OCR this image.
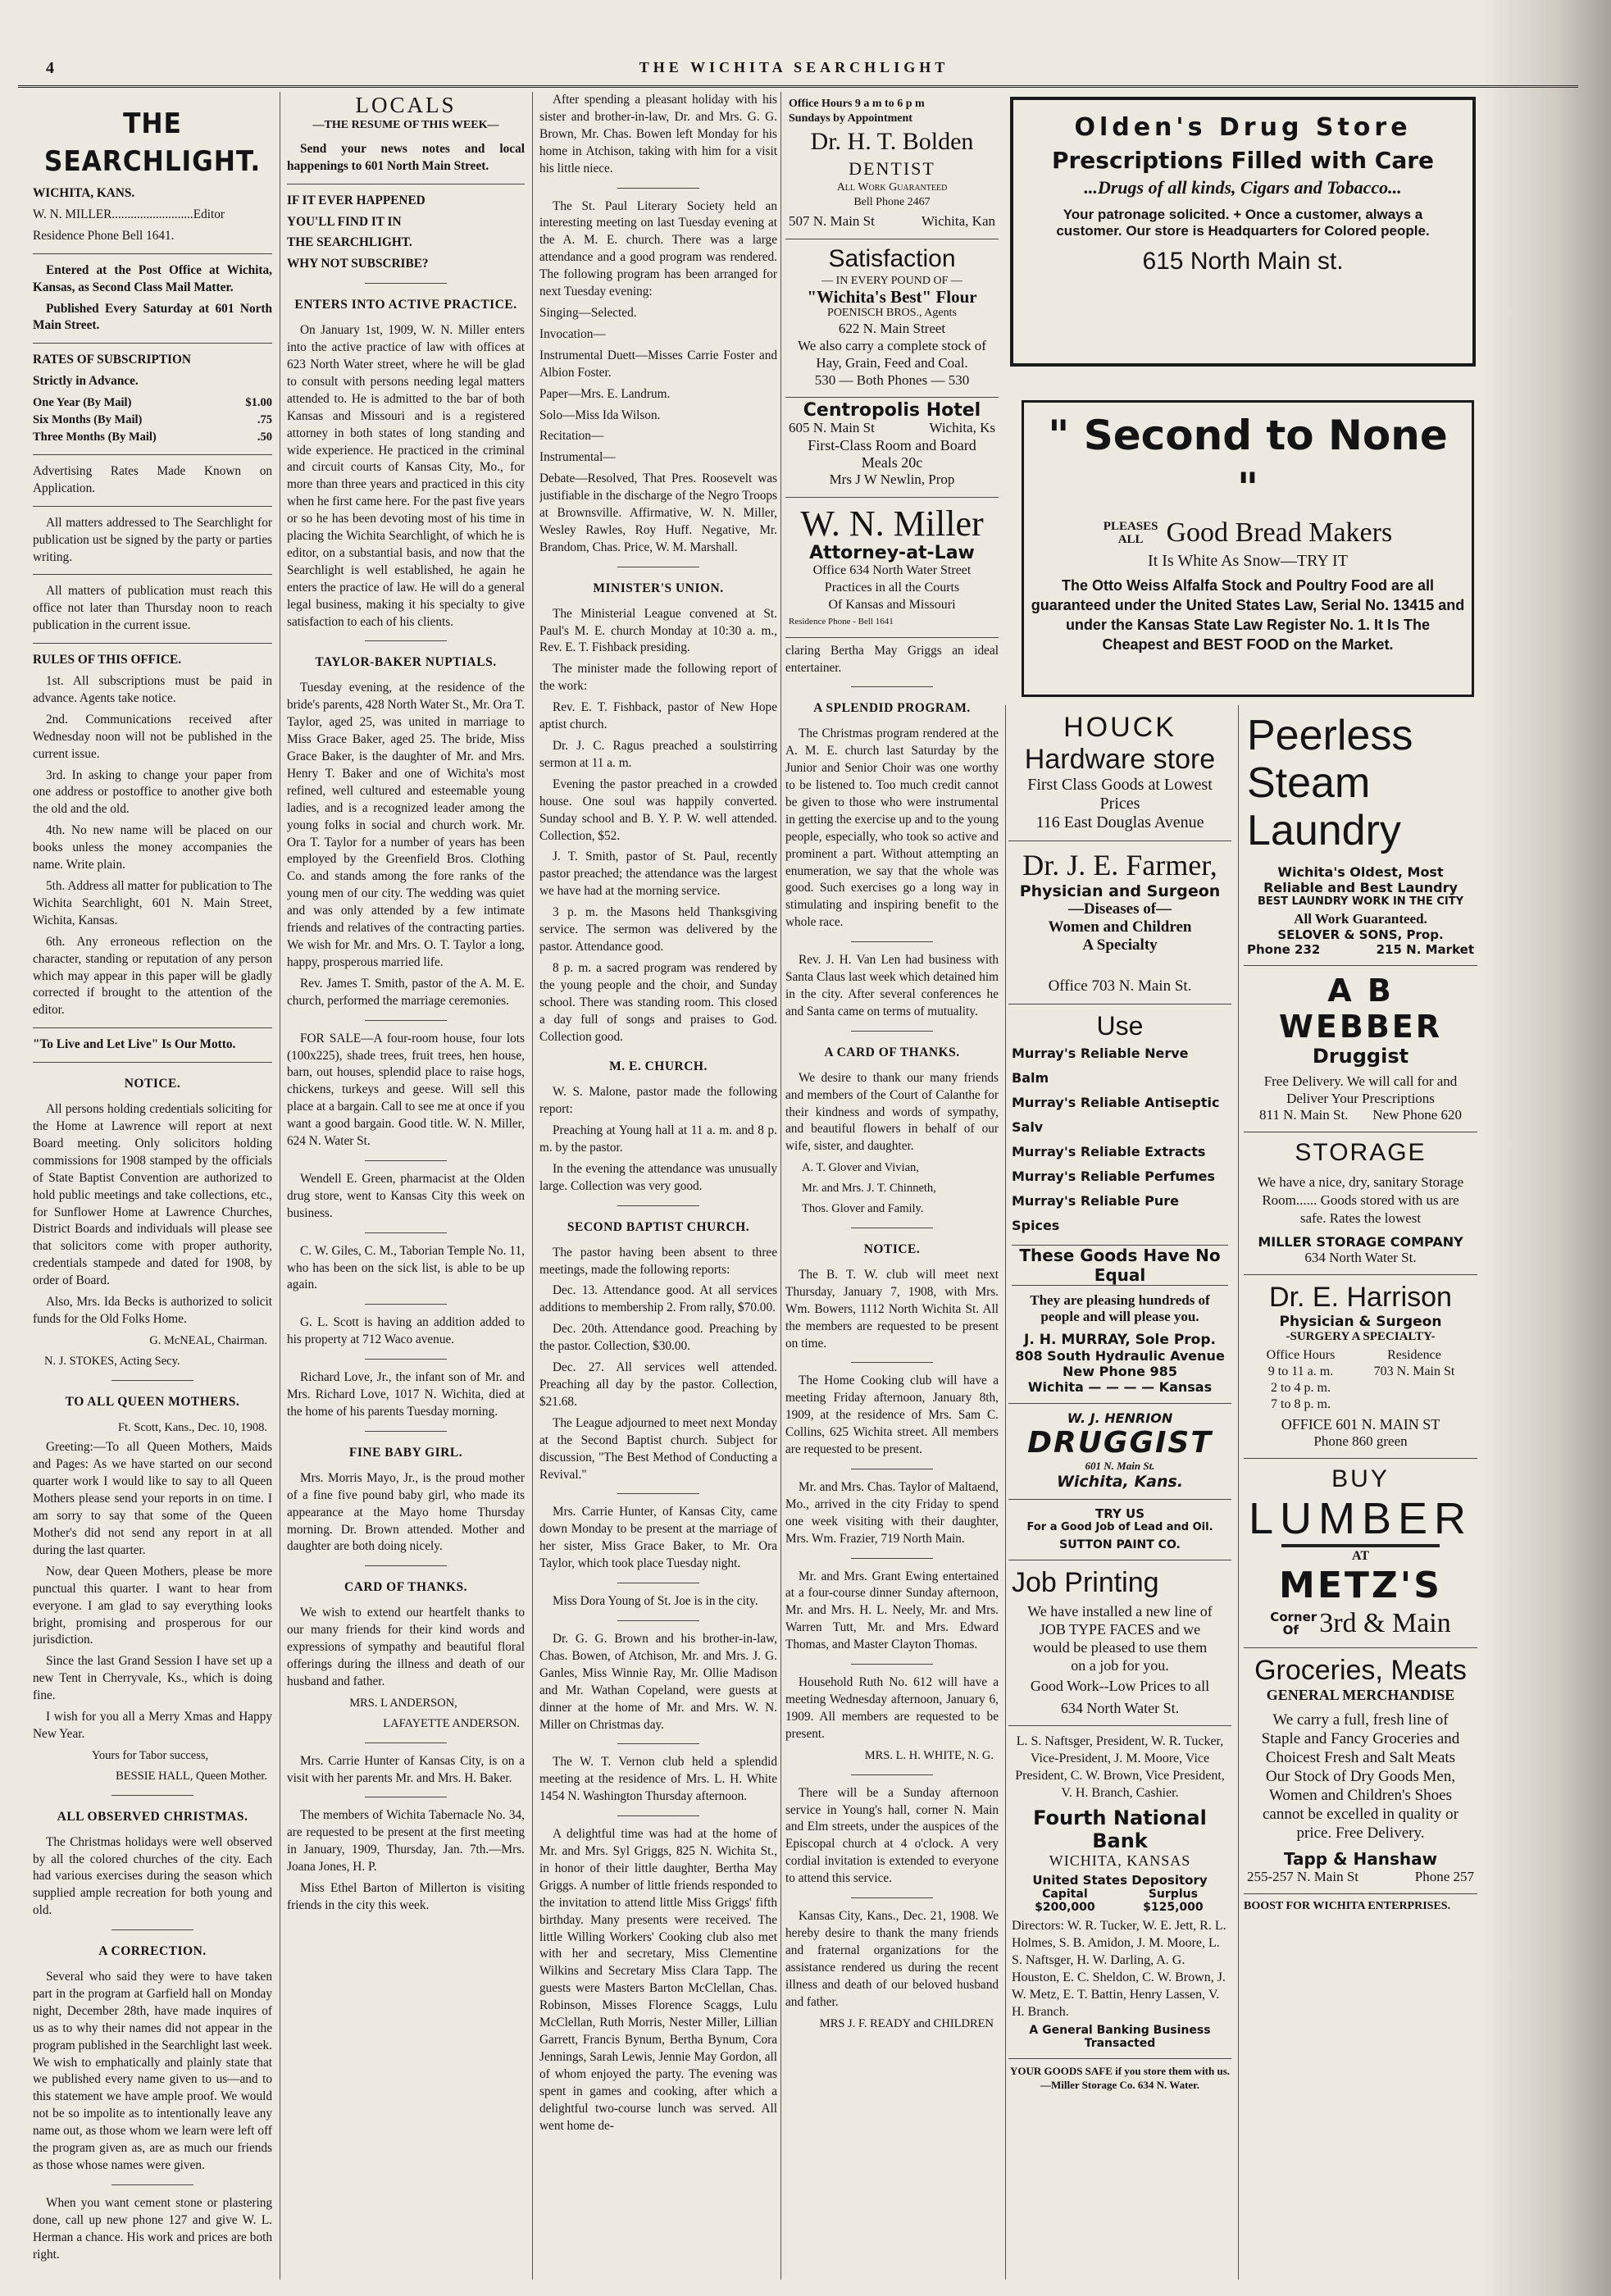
4	THE WICHITA SEARCHLIGHT
THE SEARCHLIGHT.

WICHITA, KANS.

W. N. MILLER..........................Editor

Residence Phone Bell 1641.

Entered at the Post Office at Wichita, Kansas, as Second Class Mail Matter.

Published Every Saturday at 601 North Main Street.

RATES OF SUBSCRIPTION

Strictly in Advance.

One Year (By Mail)	$1.00
Six Months (By Mail)	.75
Three Months (By Mail)	.50

Advertising Rates Made Known on Application.

All matters addressed to The Searchlight for publication ust be signed by the party or parties writing.

All matters of publication must reach this office not later than Thursday noon to reach publication in the current issue.

RULES OF THIS OFFICE.

1st. All subscriptions must be paid in advance. Agents take notice.

2nd. Communications received after Wednesday noon will not be published in the current issue.

3rd. In asking to change your paper from one address or postoffice to another give both the old and the old.

4th. No new name will be placed on our books unless the money accompanies the name. Write plain.

5th. Address all matter for publication to The Wichita Searchlight, 601 N. Main Street, Wichita, Kansas.

6th. Any erroneous reflection on the character, standing or reputation of any person which may appear in this paper will be gladly corrected if brought to the attention of the editor.

"To Live and Let Live" Is Our Motto.

NOTICE.

All persons holding credentials soliciting for the Home at Lawrence will report at next Board meeting. Only solicitors holding commissions for 1908 stamped by the officials of State Baptist Convention are authorized to hold public meetings and take collections, etc., for Sunflower Home at Lawrence Churches, District Boards and individuals will please see that solicitors come with proper authority, credentials stampede and dated for 1908, by order of Board.

Also, Mrs. Ida Becks is authorized to solicit funds for the Old Folks Home.

G. McNEAL, Chairman.
N. J. STOKES, Acting Secy.
TO ALL QUEEN MOTHERS.
Ft. Scott, Kans., Dec. 10, 1908.

Greeting:—To all Queen Mothers, Maids and Pages: As we have started on our second quarter work I would like to say to all Queen Mothers please send your reports in on time. I am sorry to say that some of the Queen Mother's did not send any report in at all during the last quarter.

Now, dear Queen Mothers, please be more punctual this quarter. I want to hear from everyone. I am glad to say everything looks bright, promising and prosperous for our jurisdiction.

Since the last Grand Session I have set up a new Tent in Cherryvale, Ks., which is doing fine.

I wish for you all a Merry Xmas and Happy New Year.

Yours for Tabor success,
BESSIE HALL, Queen Mother.
ALL OBSERVED CHRISTMAS.

The Christmas holidays were well observed by all the colored churches of the city. Each had various exercises during the season which supplied ample recreation for both young and old.

A CORRECTION.

Several who said they were to have taken part in the program at Garfield hall on Monday night, December 28th, have made inquires of us as to why their names did not appear in the program published in the Searchlight last week. We wish to emphatically and plainly state that we published every name given to us—and to this statement we have ample proof. We would not be so impolite as to intentionally leave any name out, as those whom we learn were left off the program given as, are as much our friends as those whose names were given.

When you want cement stone or plastering done, call up new phone 127 and give W. L. Herman a chance. His work and prices are both right.

LOCALS
—THE RESUME OF THIS WEEK—

Send your news notes and local happenings to 601 North Main Street.

IF IT EVER HAPPENED

YOU'LL FIND IT IN

THE SEARCHLIGHT.

WHY NOT SUBSCRIBE?

ENTERS INTO ACTIVE PRACTICE.

On January 1st, 1909, W. N. Miller enters into the active practice of law with offices at 623 North Water street, where he will be glad to consult with persons needing legal matters attended to. He is admitted to the bar of both Kansas and Missouri and is a registered attorney in both states of long standing and wide experience. He practiced in the criminal and circuit courts of Kansas City, Mo., for more than three years and practiced in this city when he first came here. For the past five years or so he has been devoting most of his time in placing the Wichita Searchlight, of which he is editor, on a substantial basis, and now that the Searchlight is well established, he again he enters the practice of law. He will do a general legal business, making it his specialty to give satisfaction to each of his clients.

TAYLOR-BAKER NUPTIALS.

Tuesday evening, at the residence of the bride's parents, 428 North Water St., Mr. Ora T. Taylor, aged 25, was united in marriage to Miss Grace Baker, aged 25. The bride, Miss Grace Baker, is the daughter of Mr. and Mrs. Henry T. Baker and one of Wichita's most refined, well cultured and esteemable young ladies, and is a recognized leader among the young folks in social and church work. Mr. Ora T. Taylor for a number of years has been employed by the Greenfield Bros. Clothing Co. and stands among the fore ranks of the young men of our city. The wedding was quiet and was only attended by a few intimate friends and relatives of the contracting parties. We wish for Mr. and Mrs. O. T. Taylor a long, happy, prosperous married life.

Rev. James T. Smith, pastor of the A. M. E. church, performed the marriage ceremonies.

FOR SALE—A four-room house, four lots (100x225), shade trees, fruit trees, hen house, barn, out houses, splendid place to raise hogs, chickens, turkeys and geese. Will sell this place at a bargain. Call to see me at once if you want a good bargain. Good title. W. N. Miller, 624 N. Water St.

Wendell E. Green, pharmacist at the Olden drug store, went to Kansas City this week on business.

C. W. Giles, C. M., Taborian Temple No. 11, who has been on the sick list, is able to be up again.

G. L. Scott is having an addition added to his property at 712 Waco avenue.

Richard Love, Jr., the infant son of Mr. and Mrs. Richard Love, 1017 N. Wichita, died at the home of his parents Tuesday morning.

FINE BABY GIRL.

Mrs. Morris Mayo, Jr., is the proud mother of a fine five pound baby girl, who made its appearance at the Mayo home Thursday morning. Dr. Brown attended. Mother and daughter are both doing nicely.

CARD OF THANKS.

We wish to extend our heartfelt thanks to our many friends for their kind words and expressions of sympathy and beautiful floral offerings during the illness and death of our husband and father.

MRS. L ANDERSON,
LAFAYETTE ANDERSON.

Mrs. Carrie Hunter of Kansas City, is on a visit with her parents Mr. and Mrs. H. Baker.

The members of Wichita Tabernacle No. 34, are requested to be present at the first meeting in January, 1909, Thursday, Jan. 7th.—Mrs. Joana Jones, H. P.

Miss Ethel Barton of Millerton is visiting friends in the city this week.

After spending a pleasant holiday with his sister and brother-in-law, Dr. and Mrs. G. G. Brown, Mr. Chas. Bowen left Monday for his home in Atchison, taking with him for a visit his little niece.

The St. Paul Literary Society held an interesting meeting on last Tuesday evening at the A. M. E. church. There was a large attendance and a good program was rendered. The following program has been arranged for next Tuesday evening:

Singing—Selected.

Invocation—

Instrumental Duett—Misses Carrie Foster and Albion Foster.

Paper—Mrs. E. Landrum.

Solo—Miss Ida Wilson.

Recitation—

Instrumental—

Debate—Resolved, That Pres. Roosevelt was justifiable in the discharge of the Negro Troops at Brownsville. Affirmative, W. N. Miller, Wesley Rawles, Roy Huff. Negative, Mr. Brandom, Chas. Price, W. M. Marshall.

MINISTER'S UNION.

The Ministerial League convened at St. Paul's M. E. church Monday at 10:30 a. m., Rev. E. T. Fishback presiding.

The minister made the following report of the work:

Rev. E. T. Fishback, pastor of New Hope aptist church.

Dr. J. C. Ragus preached a soulstirring sermon at 11 a. m.

Evening the pastor preached in a crowded house. One soul was happily converted. Sunday school and B. Y. P. W. well attended. Collection, $52.

J. T. Smith, pastor of St. Paul, recently pastor preached; the attendance was the largest we have had at the morning service.

3 p. m. the Masons held Thanksgiving service. The sermon was delivered by the pastor. Attendance good.

8 p. m. a sacred program was rendered by the young people and the choir, and Sunday school. There was standing room. This closed a day full of songs and praises to God. Collection good.

M. E. CHURCH.

W. S. Malone, pastor made the following report:

Preaching at Young hall at 11 a. m. and 8 p. m. by the pastor.

In the evening the attendance was unusually large. Collection was very good.

SECOND BAPTIST CHURCH.

The pastor having been absent to three meetings, made the following reports:

Dec. 13. Attendance good. At all services additions to membership 2. From rally, $70.00.

Dec. 20th. Attendance good. Preaching by the pastor. Collection, $30.00.

Dec. 27. All services well attended. Preaching all day by the pastor. Collection, $21.68.

The League adjourned to meet next Monday at the Second Baptist church. Subject for discussion, "The Best Method of Conducting a Revival."

Mrs. Carrie Hunter, of Kansas City, came down Monday to be present at the marriage of her sister, Miss Grace Baker, to Mr. Ora Taylor, which took place Tuesday night.

Miss Dora Young of St. Joe is in the city.

Dr. G. G. Brown and his brother-in-law, Chas. Bowen, of Atchison, Mr. and Mrs. J. G. Ganles, Miss Winnie Ray, Mr. Ollie Madison and Mr. Wathan Copeland, were guests at dinner at the home of Mr. and Mrs. W. N. Miller on Christmas day.

The W. T. Vernon club held a splendid meeting at the residence of Mrs. L. H. White 1454 N. Washington Thursday afternoon.

A delightful time was had at the home of Mr. and Mrs. Syl Griggs, 825 N. Wichita St., in honor of their little daughter, Bertha May Griggs. A number of little friends responded to the invitation to attend little Miss Griggs' fifth birthday. Many presents were received. The little Willing Workers' Cooking club also met with her and secretary, Miss Clementine Wilkins and Secretary Miss Clara Tapp. The guests were Masters Barton McClellan, Chas. Robinson, Misses Florence Scaggs, Lulu McClellan, Ruth Morris, Nester Miller, Lillian Garrett, Francis Bynum, Bertha Bynum, Cora Jennings, Sarah Lewis, Jennie May Gordon, all of whom enjoyed the party. The evening was spent in games and cooking, after which a delightful two-course lunch was served. All went home de-

Office Hours 9 a m to 6 p m
Sundays by Appointment
Dr. H. T. Bolden
DENTIST
All Work Guaranteed
Bell Phone 2467
507 N. Main St	Wichita, Kan
Satisfaction
— IN EVERY POUND OF —
"Wichita's Best" Flour
POENISCH BROS., Agents
622 N. Main Street
We also carry a complete stock of Hay, Grain, Feed and Coal.
530 — Both Phones — 530
Centropolis Hotel
605 N. Main St	Wichita, Ks
First-Class Room and Board
Meals 20c
Mrs J W Newlin, Prop
W. N. Miller
Attorney-at-Law
Office 634 North Water Street
Practices in all the Courts
Of Kansas and Missouri
Residence Phone - Bell 1641

claring Bertha May Griggs an ideal entertainer.

A SPLENDID PROGRAM.

The Christmas program rendered at the A. M. E. church last Saturday by the Junior and Senior Choir was one worthy to be listened to. Too much credit cannot be given to those who were instrumental in getting the exercise up and to the young people, especially, who took so active and prominent a part. Without attempting an enumeration, we say that the whole was good. Such exercises go a long way in stimulating and inspiring benefit to the whole race.

Rev. J. H. Van Len had business with Santa Claus last week which detained him in the city. After several conferences he and Santa came on terms of mutuality.

A CARD OF THANKS.

We desire to thank our many friends and members of the Court of Calanthe for their kindness and words of sympathy, and beautiful flowers in behalf of our wife, sister, and daughter.

A. T. Glover and Vivian,
Mr. and Mrs. J. T. Chinneth,
Thos. Glover and Family.
NOTICE.

The B. T. W. club will meet next Thursday, January 7, 1908, with Mrs. Wm. Bowers, 1112 North Wichita St. All the members are requested to be present on time.

The Home Cooking club will have a meeting Friday afternoon, January 8th, 1909, at the residence of Mrs. Sam C. Collins, 625 Wichita street. All members are requested to be present.

Mr. and Mrs. Chas. Taylor of Maltaend, Mo., arrived in the city Friday to spend one week visiting with their daughter, Mrs. Wm. Frazier, 719 North Main.

Mr. and Mrs. Grant Ewing entertained at a four-course dinner Sunday afternoon, Mr. and Mrs. H. L. Neely, Mr. and Mrs. Warren Tutt, Mr. and Mrs. Edward Thomas, and Master Clayton Thomas.

Household Ruth No. 612 will have a meeting Wednesday afternoon, January 6, 1909. All members are requested to be present.

MRS. L. H. WHITE, N. G.

There will be a Sunday afternoon service in Young's hall, corner N. Main and Elm streets, under the auspices of the Episcopal church at 4 o'clock. A very cordial invitation is extended to everyone to attend this service.

Kansas City, Kans., Dec. 21, 1908. We hereby desire to thank the many friends and fraternal organizations for the assistance rendered us during the recent illness and death of our beloved husband and father.

MRS J. F. READY and CHILDREN
Olden's Drug Store
Prescriptions Filled with Care
...Drugs of all kinds, Cigars and Tobacco...
Your patronage solicited. + Once a customer, always a customer. Our store is Headquarters for Colored people.
615 North Main st.
" Second to None "
PLEASES
ALL Good Bread Makers
It Is White As Snow—TRY IT
The Otto Weiss Alfalfa Stock and Poultry Food are all guaranteed under the United States Law, Serial No. 13415 and under the Kansas State Law Register No. 1. It Is The Cheapest and BEST FOOD on the Market.
HOUCK
Hardware store
First Class Goods at Lowest Prices
116 East Douglas Avenue
Dr. J. E. Farmer,
Physician and Surgeon
—Diseases of—
Women and Children
A Specialty
Office 703 N. Main St.
Use
Murray's Reliable Nerve Balm
Murray's Reliable Antiseptic Salv
Murray's Reliable Extracts
Murray's Reliable Perfumes
Murray's Reliable Pure Spices
These Goods Have No Equal
They are pleasing hundreds of people and will please you.
J. H. MURRAY, Sole Prop.
808 South Hydraulic Avenue
New Phone 985
Wichita — — — — Kansas
W. J. HENRION
DRUGGIST
601 N. Main St.
Wichita, Kans.
TRY US
For a Good Job of Lead and Oil.
SUTTON PAINT CO.
Job Printing
We have installed a new line of JOB TYPE FACES and we would be pleased to use them on a job for you.
Good Work--Low Prices to all
634 North Water St.
L. S. Naftsger, President, W. R. Tucker, Vice-President, J. M. Moore, Vice President, C. W. Brown, Vice President, V. H. Branch, Cashier.
Fourth National Bank
WICHITA, KANSAS
United States Depository
Capital $200,000
Surplus $125,000
Directors: W. R. Tucker, W. E. Jett, R. L. Holmes, S. B. Amidon, J. M. Moore, L. S. Naftsger, H. W. Darling, A. G. Houston, E. C. Sheldon, C. W. Brown, J. W. Metz, E. T. Battin, Henry Lassen, V. H. Branch.
A General Banking Business Transacted
YOUR GOODS SAFE if you store them with us.—Miller Storage Co. 634 N. Water.
Peerless
Steam
Laundry
Wichita's Oldest, Most Reliable and Best Laundry
BEST LAUNDRY WORK IN THE CITY
All Work Guaranteed.
SELOVER & SONS, Prop.
Phone 232	215 N. Market
A B WEBBER
Druggist
Free Delivery. We will call for and Deliver Your Prescriptions
811 N. Main St. New Phone 620
STORAGE
We have a nice, dry, sanitary Storage Room...... Goods stored with us are safe. Rates the lowest
MILLER STORAGE COMPANY
634 North Water St.
Dr. E. Harrison
Physician & Surgeon
-SURGERY A SPECIALTY-
Office Hours
9 to 11 a. m.
2 to 4 p. m.
7 to 8 p. m.
Residence
703 N. Main St
OFFICE 601 N. MAIN ST
Phone 860 green
BUY
LUMBER
AT
METZ'S
Corner Of 3rd & Main
Groceries, Meats
GENERAL MERCHANDISE
We carry a full, fresh line of Staple and Fancy Groceries and Choicest Fresh and Salt Meats Our Stock of Dry Goods Men, Women and Children's Shoes cannot be excelled in quality or price. Free Delivery.
Tapp & Hanshaw
255-257 N. Main St	Phone 257
BOOST FOR WICHITA ENTERPRISES.
